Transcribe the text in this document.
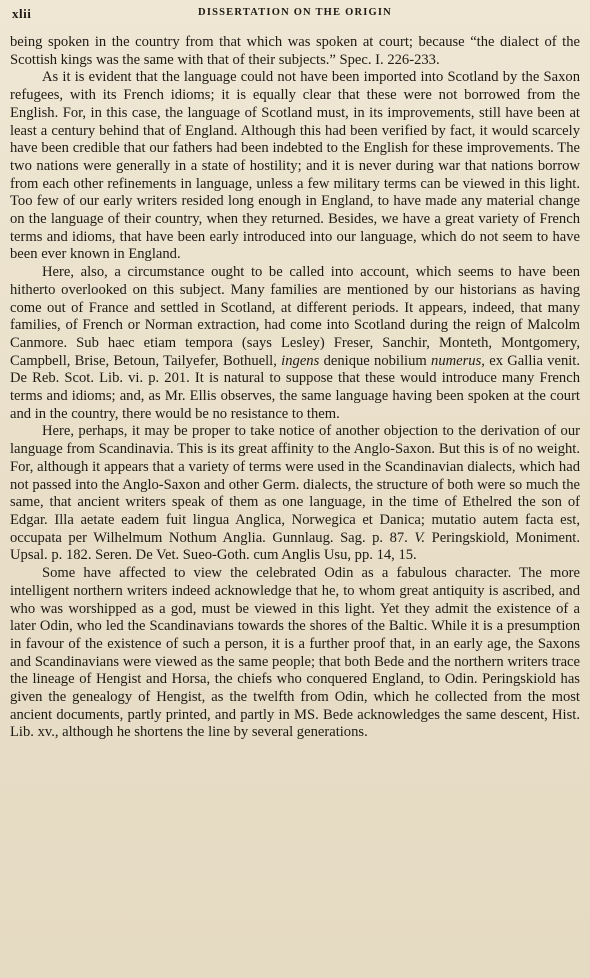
xlii	DISSERTATION ON THE ORIGIN

being spoken in the country from that which was spoken at court; because “the dialect of the Scottish kings was the same with that of their subjects.” Spec. I. 226-233.

As it is evident that the language could not have been imported into Scotland by the Saxon refugees, with its French idioms; it is equally clear that these were not borrowed from the English. For, in this case, the language of Scotland must, in its improvements, still have been at least a century behind that of England. Although this had been verified by fact, it would scarcely have been credible that our fathers had been indebted to the English for these improvements. The two nations were generally in a state of hostility; and it is never during war that nations borrow from each other refinements in language, unless a few military terms can be viewed in this light. Too few of our early writers resided long enough in England, to have made any material change on the language of their country, when they returned. Besides, we have a great variety of French terms and idioms, that have been early introduced into our language, which do not seem to have been ever known in England.

Here, also, a circumstance ought to be called into account, which seems to have been hitherto overlooked on this subject. Many families are mentioned by our historians as having come out of France and settled in Scotland, at different periods. It appears, indeed, that many families, of French or Norman extraction, had come into Scotland during the reign of Malcolm Canmore. Sub haec etiam tempora (says Lesley) Freser, Sanchir, Monteth, Montgomery, Campbell, Brise, Betoun, Tailyefer, Bothuell, ingens denique nobilium numerus, ex Gallia venit. De Reb. Scot. Lib. vi. p. 201. It is natural to suppose that these would introduce many French terms and idioms; and, as Mr. Ellis observes, the same language having been spoken at the court and in the country, there would be no resistance to them.

Here, perhaps, it may be proper to take notice of another objection to the derivation of our language from Scandinavia. This is its great affinity to the Anglo-Saxon. But this is of no weight. For, although it appears that a variety of terms were used in the Scandinavian dialects, which had not passed into the Anglo-Saxon and other Germ. dialects, the structure of both were so much the same, that ancient writers speak of them as one language, in the time of Ethelred the son of Edgar. Illa aetate eadem fuit lingua Anglica, Norwegica et Danica; mutatio autem facta est, occupata per Wilhelmum Nothum Anglia. Gunnlaug. Sag. p. 87. V. Peringskiold, Moniment. Upsal. p. 182. Seren. De Vet. Sueo-Goth. cum Anglis Usu, pp. 14, 15.

Some have affected to view the celebrated Odin as a fabulous character. The more intelligent northern writers indeed acknowledge that he, to whom great antiquity is ascribed, and who was worshipped as a god, must be viewed in this light. Yet they admit the existence of a later Odin, who led the Scandinavians towards the shores of the Baltic. While it is a presumption in favour of the existence of such a person, it is a further proof that, in an early age, the Saxons and Scandinavians were viewed as the same people; that both Bede and the northern writers trace the lineage of Hengist and Horsa, the chiefs who conquered England, to Odin. Peringskiold has given the genealogy of Hengist, as the twelfth from Odin, which he collected from the most ancient documents, partly printed, and partly in MS. Bede acknowledges the same descent, Hist. Lib. xv., although he shortens the line by several generations.
